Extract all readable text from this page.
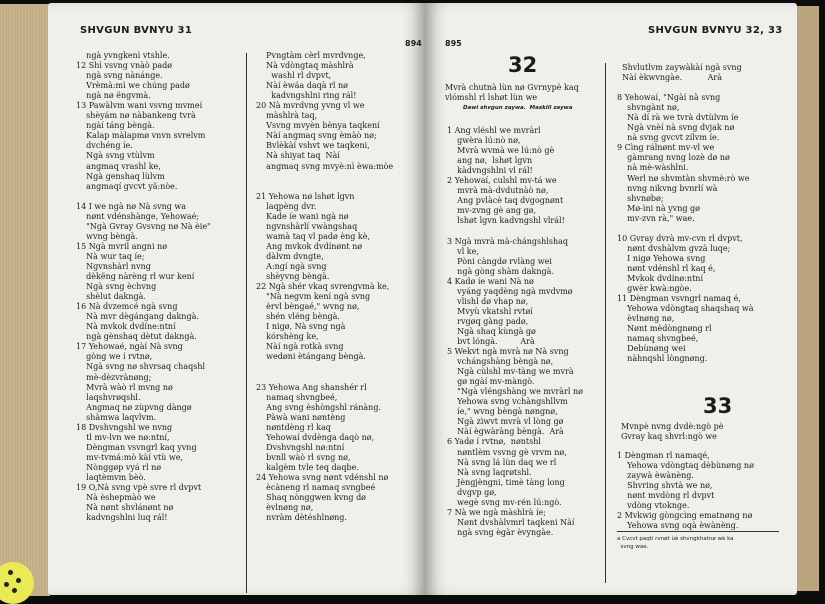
SHVGUN BVNYU 31
894
ngà yvngkenì vtshle.
12 Shì vsvng vnàò padø
ngà svng nànánge.
Vrèmà:mì we chúng padø
ngà nø ëngvmà.
13 Pawàlvm wani vsvng mvmeí
shèyám nø nàbankeng tvrà
ngàí táng bèngà.
Kalap màlapmø vnvn svrelvm
dvchéng íe.
Ngà svng vtùlvm
angmaq vrashl ke,
Ngà genshaq lùlvm
angmaqí gvcvt yã:nòe.

14 I we ngà nø Nà svng wa
nønt vdénshànge, Yehowaé;
"Ngà Gvray Gvsvng nø Nà èie"
wvng bèngà.
15 Ngà mvril angni nø
Nà wur taq íe;
Ngvnshàrl nvng
dèkëng nàrèng rl wur kení
Ngà svng èchvng
shèlut dakngà.
16 Nà dvzemcé ngà svng
Nà mvr dègángang dakngà.
Nà mvkok dvdíne:ntní
ngà gènshaq dètut dakngà.
17 Yehowaé, ngàí Nà svng
gòng we í rvtnø,
Ngà svng nø shvrsaq chaqshl
mè-dèzvrànøng;
Mvrà wàò rl mvng nø
laqshvrøqshl.
Angmaq nø zùpvng dàngø
shàmwa laqvlvm.
18 Dvshvngshl we nvng
tl mv-lvn we nø:ntní,
Dèngman vsvngrl kaq yvng
mv-tvmá:mò kàí vtù we,
Nònggøp vyá rl nø
laqtèmvm bèò.
19 O,Nà svng vpè svre rl dvpvt
Nà èshepmàò we
Nà nønt shvlánønt nø
kadvngshlni luq rál!
Pvngtàm cèrl mvrdvnge,
Nà vdòngtaq màshlrà
washl rl dvpvt,
Nàí èwáa daqà rl nø
kadvngshlni ring rál!
20 Nà mvrdvng yvng vl we
màshlrà taq,
Vsvng mvyèn bènya taqkení
Nàí angmaq svng èmàò nø;
Bvlèkàí vshvt we taqkeni,
Nà shiyat taq  Nàí
angmaq svng mvyè:nì èwa:mòe

21 Yehowa nø lshøt lgvn
laqpèng dvr.
Kade íe wani ngà nø
ngvnshàrlí vwàngshaq
wamà taq vl padø èng kè,
Ang mvkok dvdínønt nø
dàlvm dvngte,
A:ngí ngà svng
shèyvng bèngà.
22 Ngà shér vkaq svrengvmà ke,
"Nà negvm kení ngà svng
èrvl bèngaé," wvng nø,
shén vléng bèngà.
I nigø, Nà svng ngà
kórshèng ke,
Nàí ngà rotkà svng
wedøni ètángang bèngà.

23 Yehowa Ang shanshér rl
namaq shvngbeé,
Ang svng èshòngshl ránàng.
Pàwà wani nøntèng
nøntdèng rl kaq
Yehowaí dvdènga daqò nø,
Dvshvngshl nø:ntní
bvnll wàò rl svng nø,
kalgèm tvle teq daqbe.
24 Yehowa svng nønt vdénshl nø
ècàneng rl namaq svngbeé
Shaq nònggwen kvng dø
èvlnøng nø,
nvràm dètéshlnøng.
895
SHVGUN BVNYU 32, 33
32
Mvrà chutnà lùn nø Gvrnypè kaq
vlómshl rl lshøt lùn we
Dawi shvgun zaywa.  Maskiil zaywa
1 Ang vléshl we mvràrl
gwèra lú:nò nø,
Mvrà wvmà we lú:nò gè
ang nø,  lshøt lgvn
kàdvngshlni vl rál!
2 Yehowaí, culshl mv-tá we
mvrà mà-dvdutnàò nø,
Ang pvlàcè taq dvgognønt
mv-zvng gè ang gø,
lshøt lgvn kadvngshl vlrál!

3 Ngà mvrà mà-chángshlshaq
vl ke,
Pòni càngdø rvlàng wei
ngà gòng shàm dakngà.
4 Kadø íe wani Nà nø
vyáng yaqdèng ngà mvdvmø
vlishl dø vhap nø,
Mvyù vkatshl rvtøí
rvgøq gàng padø,
Ngà shaq kùngà gø
bvt lóngà.         Arà
5 Wekvt ngà mvrà nø Nà svng
vchángshàng bèngà nø,
Ngà cùlshl mv-tàng we mvrà
gø ngàí mv-màngò.
"Ngà vléngshàng we mvràrl nø
Yehowa svng vchàngshllvm
íe," wvng bèngà nøngnø,
Ngà zìwvt mvrà vl lòng gø
Nàí ègwàràng bèngà.  Arà
6 Yadø í rvtnø,  nøntshl
nøntlèm vsvng gè vrvm nø,
Nà svng lá lùn daq we rl
Nà svng laqrøtshl.
Jèngjèngni, timè tàng long
dvgvp gø,
wegè svng mv-rén lú:ngò.
7 Nà we ngà màshlrà íe;
Nønt dvshàlvmrl taqkeni Nàí
ngà svng ègàr èvyngàe.
Shvlutlvm zaywàkàí ngà svng
Nàí èkwvngàe.          Arà

8 Yehowaí, "Ngàí nà svng
shvngànt nø,
Nà dí rà we tvrà dvtùlvm íe
Ngà vnèí nà svng dvjak nø
nà svng gvcvt zílvm íe.
9 Cìng rálnønt mv-vl we
gàmrang nvng lozè dø nø
nà mè-wàshlni.
Werl nø shvmtàn shvmè:rò we
nvng nikvng bvnrlí wà
shvnøbø;
Mø-ìni nà yvng gø
mv-zvn rà," wae.

10 Gvray dvrà mv-cvn rl dvpvt,
nønt dvshàlvm gvzà luqe;
I nigø Yehowa svng
nønt vdénshl rl kaq é,
Mvkok dvdínø:ntní
gwèr kwà:ngòe.
11 Dèngman vsvngrl namaq é,
Yehowa vdòngtaq shaqshaq wà
èvlnøng nø,
Nønt mèdòngnøng rl
namaq shvngbeé,
Debùnøng wei
nàhnqshl lòngnøng.
33
Mvnpè nvng dvdè:ngò pè
Gvray kaq shvrl:ngò we
1 Dèngman rl namaqé,
Yehowa vdòngtaq dèbùnøng nø
zaywà èwànèng.
Shvring shvtà we nø,
nønt mvdòng rl dvpvt
vdòng vtoknge.
2 Mvkwig gòngcìng ematnøng nø
Yehowa svng oqà èwànèng.
a Cvcvt paqti rvnøt ùè shvngkhatnø wè ka
svng wae.
